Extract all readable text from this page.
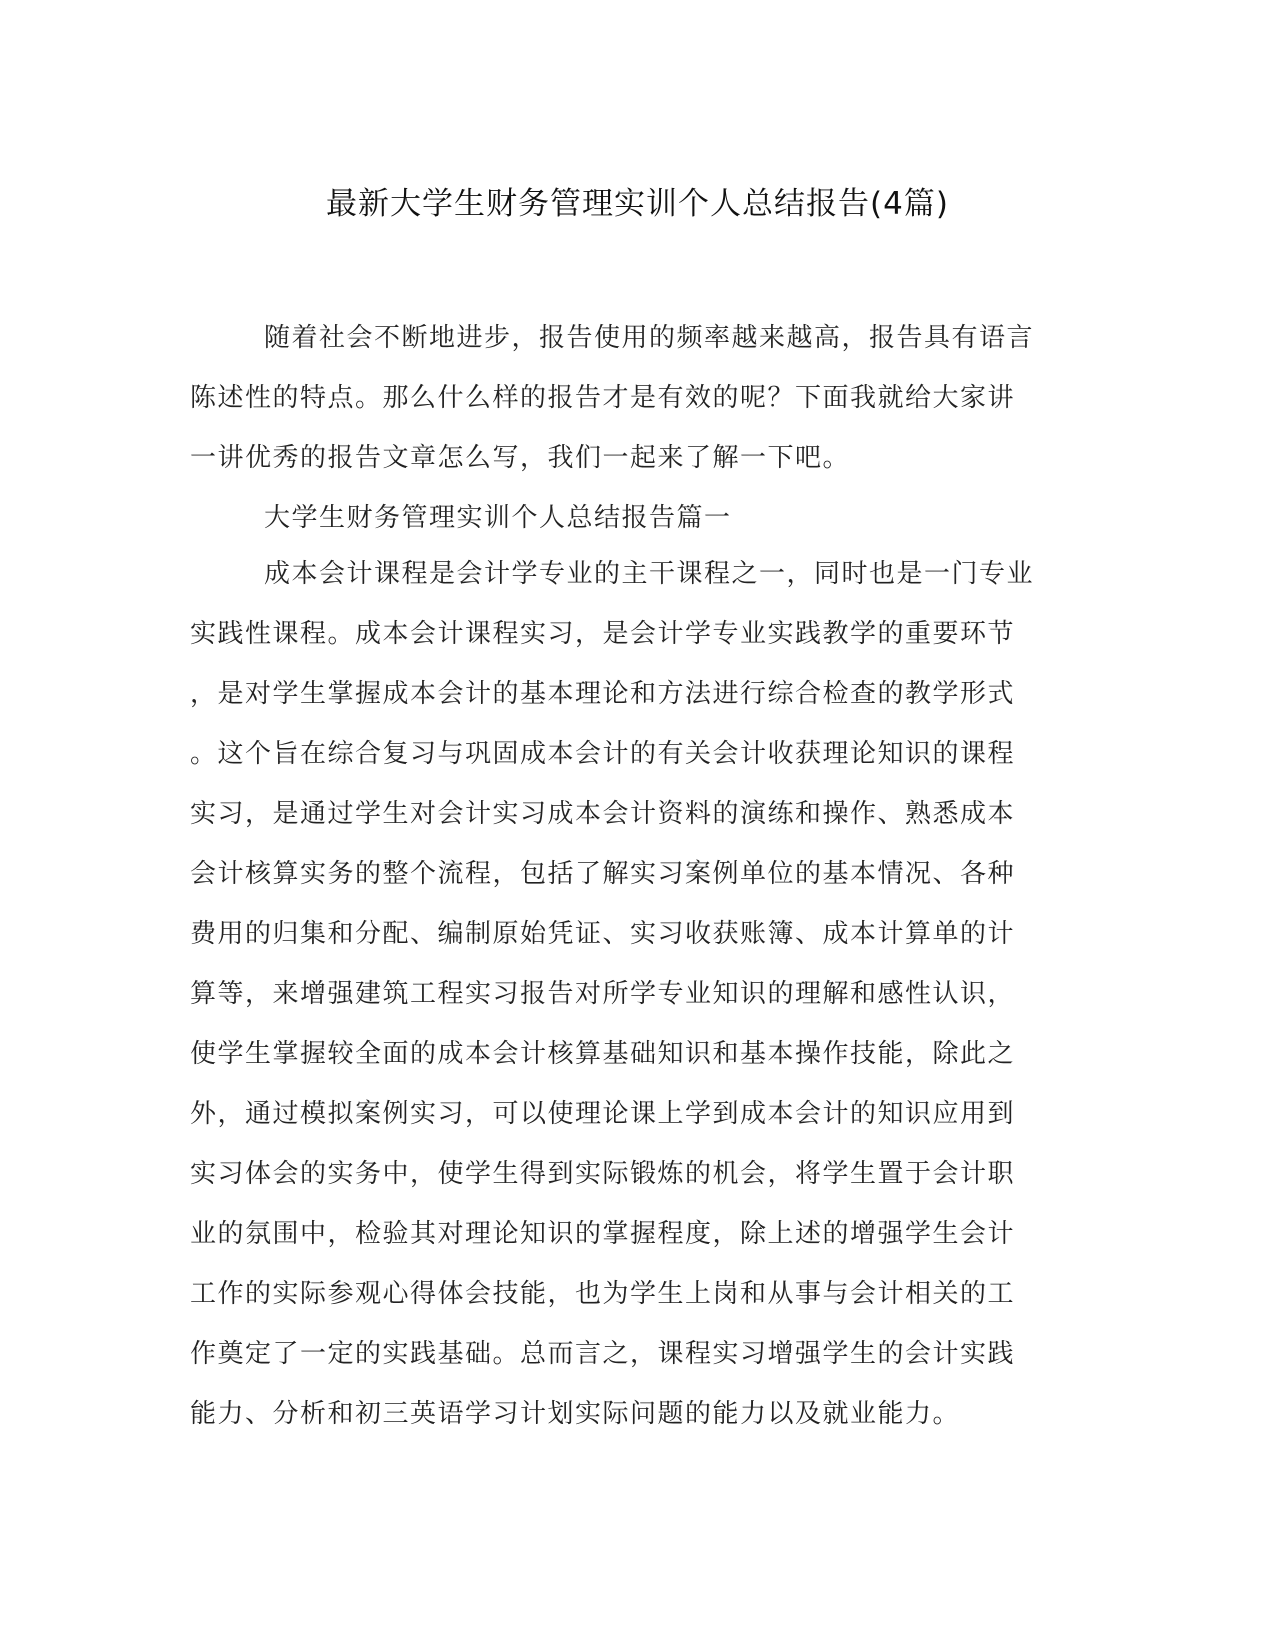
最新大学生财务管理实训个人总结报告(4篇)
随着社会不断地进步，报告使用的频率越来越高，报告具有语言
陈述性的特点。那么什么样的报告才是有效的呢？下面我就给大家讲
一讲优秀的报告文章怎么写，我们一起来了解一下吧。
大学生财务管理实训个人总结报告篇一
成本会计课程是会计学专业的主干课程之一，同时也是一门专业
实践性课程。成本会计课程实习，是会计学专业实践教学的重要环节
，是对学生掌握成本会计的基本理论和方法进行综合检查的教学形式
。这个旨在综合复习与巩固成本会计的有关会计收获理论知识的课程
实习，是通过学生对会计实习成本会计资料的演练和操作、熟悉成本
会计核算实务的整个流程，包括了解实习案例单位的基本情况、各种
费用的归集和分配、编制原始凭证、实习收获账簿、成本计算单的计
算等，来增强建筑工程实习报告对所学专业知识的理解和感性认识，
使学生掌握较全面的成本会计核算基础知识和基本操作技能，除此之
外，通过模拟案例实习，可以使理论课上学到成本会计的知识应用到
实习体会的实务中，使学生得到实际锻炼的机会，将学生置于会计职
业的氛围中，检验其对理论知识的掌握程度，除上述的增强学生会计
工作的实际参观心得体会技能，也为学生上岗和从事与会计相关的工
作奠定了一定的实践基础。总而言之，课程实习增强学生的会计实践
能力、分析和初三英语学习计划实际问题的能力以及就业能力。
